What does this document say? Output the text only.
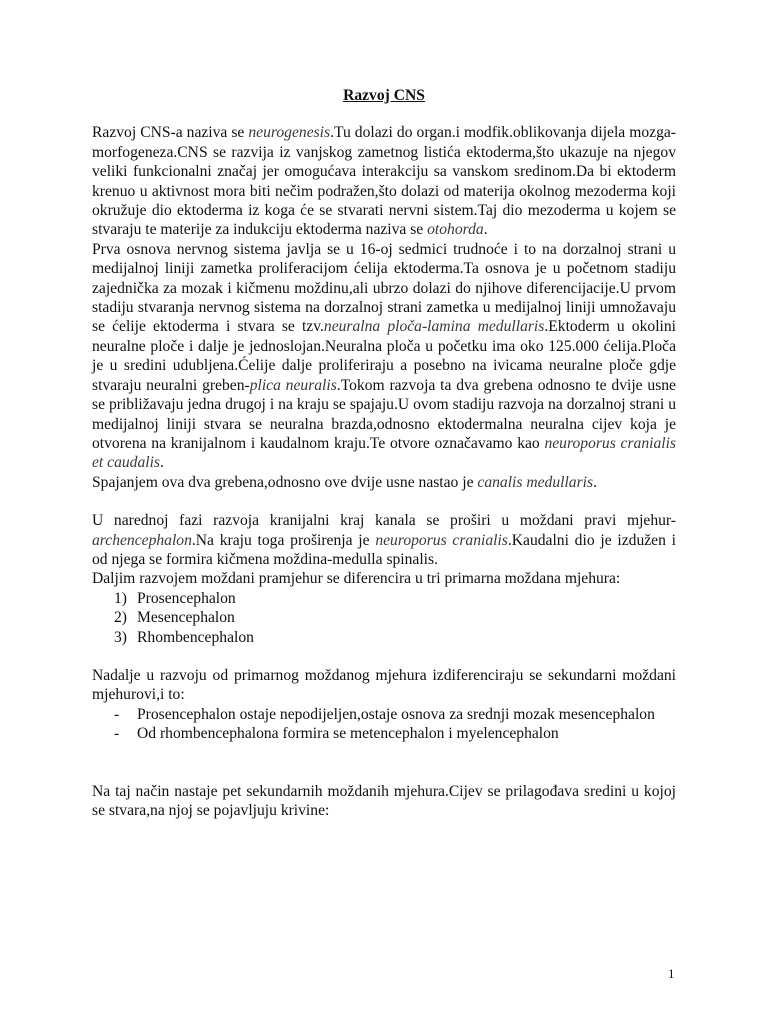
Razvoj CNS

Razvoj CNS-a naziva se neurogenesis.Tu dolazi do organ.i modfik.oblikovanja dijela mozga-morfogeneza.CNS se razvija iz vanjskog zametnog listića ektoderma,što ukazuje na njegov veliki funkcionalni značaj jer omogućava interakciju sa vanskom sredinom.Da bi ektoderm krenuo u aktivnost mora biti nečim podražen,što dolazi od materija okolnog mezoderma koji okružuje dio ektoderma iz koga će se stvarati nervni sistem.Taj dio mezoderma u kojem se stvaraju te materije za indukciju ektoderma naziva se otohorda.

Prva osnova nervnog sistema javlja se u 16-oj sedmici trudnoće i to na dorzalnoj strani u medijalnoj liniji zametka proliferacijom ćelija ektoderma.Ta osnova je u početnom stadiju zajednička za mozak i kičmenu moždinu,ali ubrzo dolazi do njihove diferencijacije.U prvom stadiju stvaranja nervnog sistema na dorzalnoj strani zametka u medijalnoj liniji umnožavaju se ćelije ektoderma i stvara se tzv.neuralna ploča-lamina medullaris.Ektoderm u okolini neuralne ploče i dalje je jednoslojan.Neuralna ploča u početku ima oko 125.000 ćelija.Ploča je u sredini udubljena.Ćelije dalje proliferiraju a posebno na ivicama neuralne ploče gdje stvaraju neuralni greben-plica neuralis.Tokom razvoja ta dva grebena odnosno te dvije usne se približavaju jedna drugoj i na kraju se spajaju.U ovom stadiju razvoja na dorzalnoj strani u medijalnoj liniji stvara se neuralna brazda,odnosno ektodermalna neuralna cijev koja je otvorena na kranijalnom i kaudalnom kraju.Te otvore označavamo kao neuroporus cranialis et caudalis.

Spajanjem ova dva grebena,odnosno ove dvije usne nastao je canalis medullaris.

U narednoj fazi razvoja kranijalni kraj kanala se proširi u moždani pravi mjehur-archencephalon.Na kraju toga proširenja je neuroporus cranialis.Kaudalni dio je izdužen i od njega se formira kičmena moždina-medulla spinalis.

Daljim razvojem moždani pramjehur se diferencira u tri primarna moždana mjehura:

1) Prosencephalon
2) Mesencephalon
3) Rhombencephalon

Nadalje u razvoju od primarnog moždanog mjehura izdiferenciraju se sekundarni moždani mjehurovi,i to:

- Prosencephalon ostaje nepodijeljen,ostaje osnova za srednji mozak mesencephalon
- Od rhombencephalona formira se metencephalon i myelencephalon

Na taj način nastaje pet sekundarnih moždanih mjehura.Cijev se prilagođava sredini u kojoj se stvara,na njoj se pojavljuju krivine:

1
